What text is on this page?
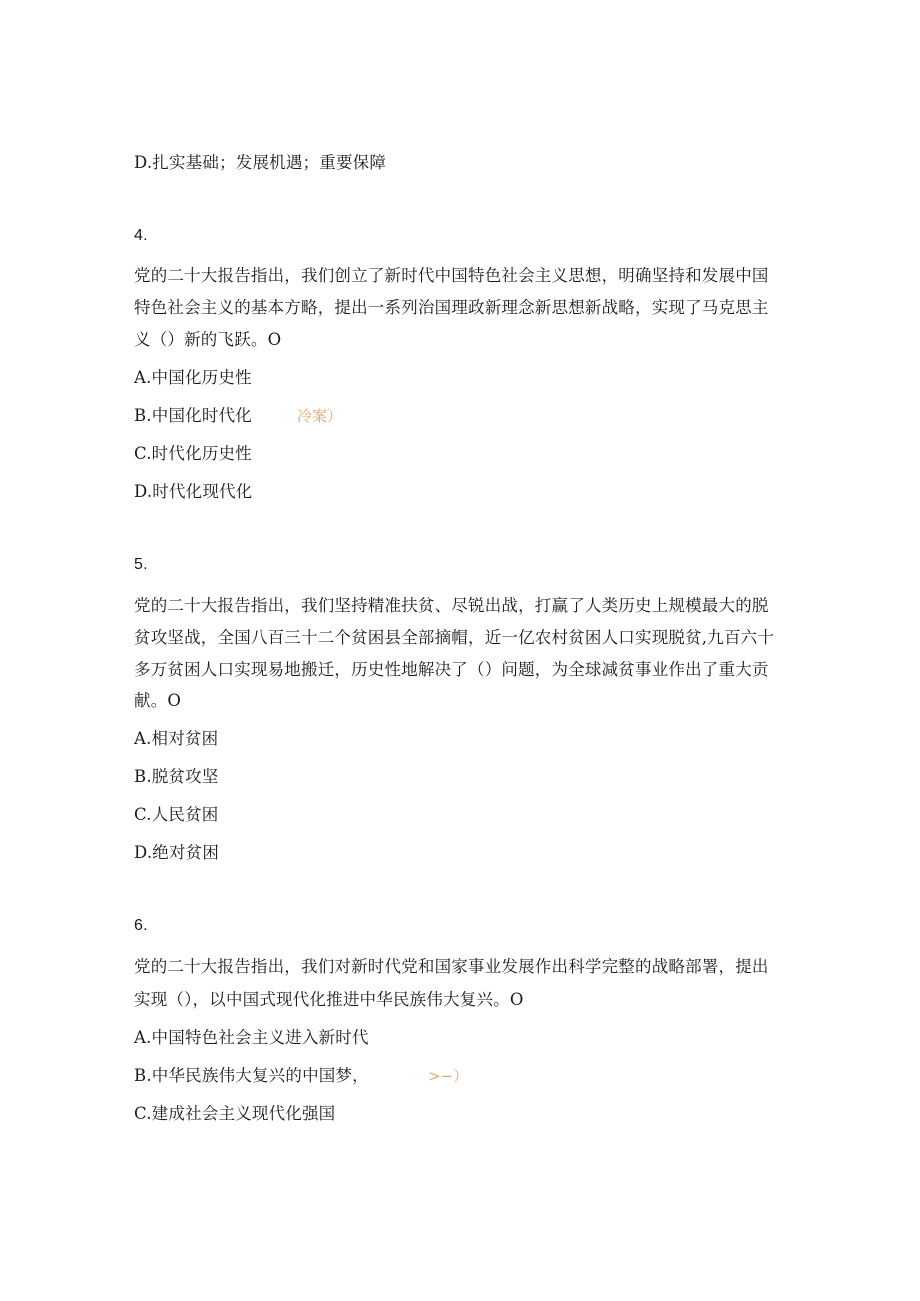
D.扎实基础；发展机遇；重要保障

4.

党的二十大报告指出，我们创立了新时代中国特色社会主义思想，明确坚持和发展中国

特色社会主义的基本方略，提出一系列治国理政新理念新思想新战略，实现了马克思主

义（）新的飞跃。O

A.中国化历史性

B.中国化时代化	冷案）

C.时代化历史性

D.时代化现代化

5.

党的二十大报告指出，我们坚持精准扶贫、尽锐出战，打赢了人类历史上规模最大的脱

贫攻坚战，全国八百三十二个贫困县全部摘帽，近一亿农村贫困人口实现脱贫,九百六十

多万贫困人口实现易地搬迁，历史性地解决了（）问题，为全球减贫事业作出了重大贡

献。O

A.相对贫困

B.脱贫攻坚

C.人民贫困

D.绝对贫困

6.

党的二十大报告指出，我们对新时代党和国家事业发展作出科学完整的战略部署，提出

实现（），以中国式现代化推进中华民族伟大复兴。O

A.中国特色社会主义进入新时代

B.中华民族伟大复兴的中国梦，	>−）

C.建成社会主义现代化强国
